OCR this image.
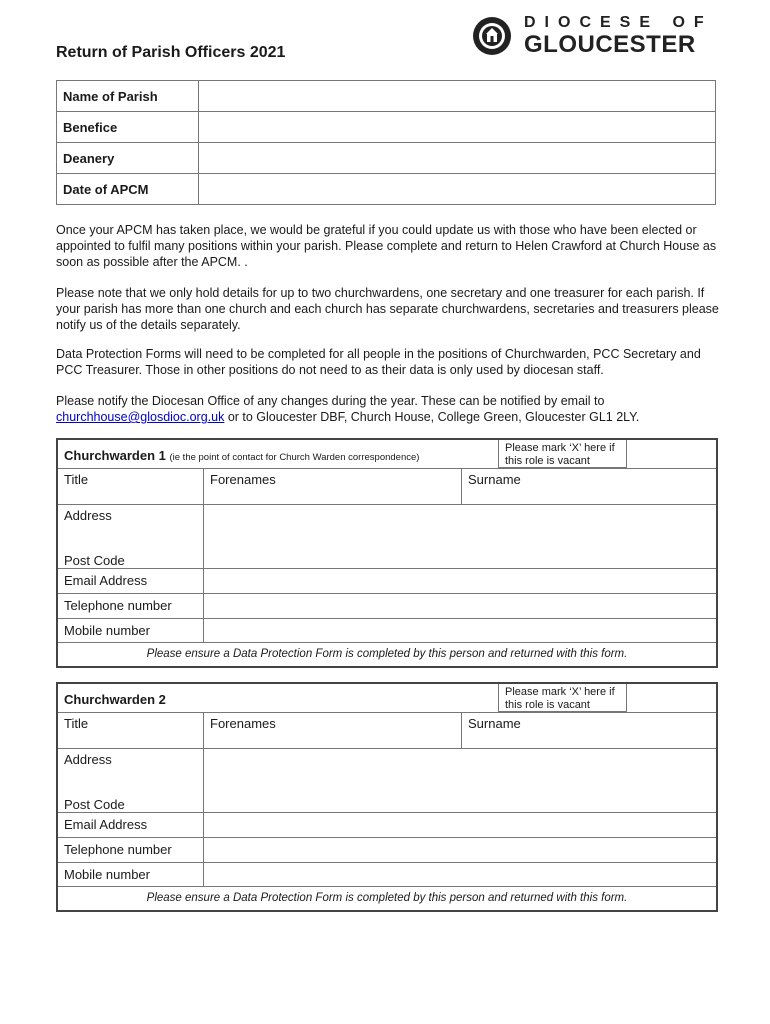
Return of Parish Officers 2021
DIOCESE OF
GLOUCESTER
Name of Parish	
Benefice	
Deanery	
Date of APCM	
Once your APCM has taken place, we would be grateful if you could update us with those who have been elected or appointed to fulfil many positions within your parish. Please complete and return to Helen Crawford at Church House as soon as possible after the APCM. .
Please note that we only hold details for up to two churchwardens, one secretary and one treasurer for each parish. If your parish has more than one church and each church has separate churchwardens, secretaries and treasurers please notify us of the details separately.
Data Protection Forms will need to be completed for all people in the positions of Churchwarden, PCC Secretary and PCC Treasurer. Those in other positions do not need to as their data is only used by diocesan staff.
Please notify the Diocesan Office of any changes during the year. These can be notified by email to
churchhouse@glosdioc.org.uk or to Gloucester DBF, Church House, College Green, Gloucester GL1 2LY.
Churchwarden 1 (ie the point of contact for Church Warden correspondence)
Please mark ‘X’ here if this role is vacant
Title	Forenames	Surname
Address
Post Code
Email Address
Telephone number
Mobile number
Please ensure a Data Protection Form is completed by this person and returned with this form.
Churchwarden 2	Please mark ‘X’ here if this role is vacant
Title	Forenames	Surname
Address
Post Code
Email Address
Telephone number
Mobile number
Please ensure a Data Protection Form is completed by this person and returned with this form.
